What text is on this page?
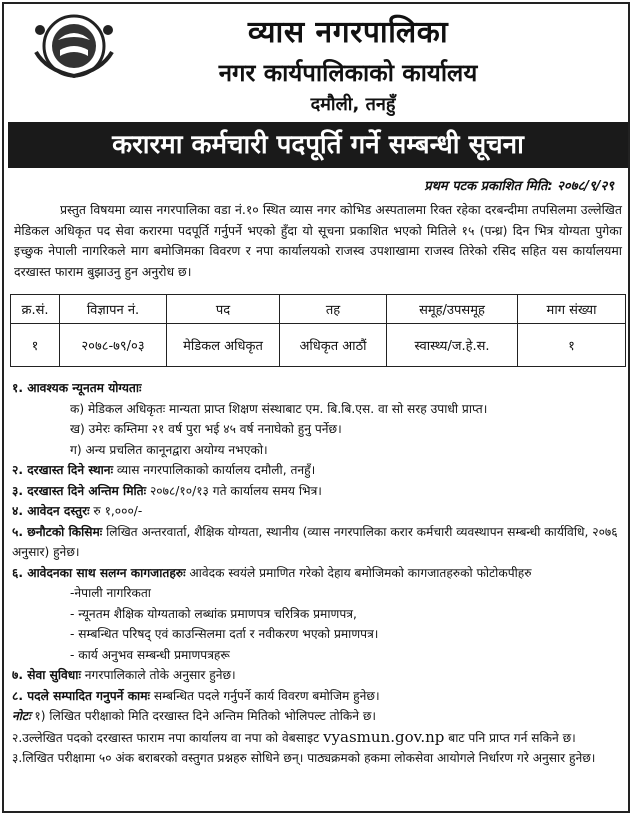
व्यास नगरपालिका
नगर कार्यपालिकाको कार्यालय
दमौली, तनहुँ
करारमा कर्मचारी पदपूर्ति गर्ने सम्बन्धी सूचना
प्रथम पटक प्रकाशित मिति: २०७८/९/२९
प्रस्तुत विषयमा व्यास नगरपालिका वडा नं.१० स्थित व्यास नगर कोभिड अस्पतालमा रिक्त रहेका दरबन्दीमा तपसिलमा उल्लेखित मेडिकल अधिकृत पद सेवा करारमा पदपूर्ति गर्नुपर्ने भएको हुँदा यो सूचना प्रकाशित भएको मितिले १५ (पन्ध्र) दिन भित्र योग्यता पुगेका इच्छुक नेपाली नागरिकले माग बमोजिमका विवरण र नपा कार्यालयको राजस्व उपशाखामा राजस्व तिरेको रसिद सहित यस कार्यालयमा दरखास्त फाराम बुझाउनु हुन अनुरोध छ।
क्र.सं.	विज्ञापन नं.	पद	तह	समूह/उपसमूह	माग संख्या
१	२०७८-७९/०३	मेडिकल अधिकृत	अधिकृत आठौं	स्वास्थ्य/ज.हे.स.	१
१. आवश्यक न्यूनतम योग्यताः
क) मेडिकल अधिकृतः मान्यता प्राप्त शिक्षण संस्थाबाट एम. बि.बि.एस. वा सो सरह उपाधी प्राप्त।
ख) उमेरः कम्तिमा २१ वर्ष पुरा भई ४५ वर्ष ननाघेको हुनु पर्नेछ।
ग) अन्य प्रचलित कानूनद्वारा अयोग्य नभएको।
२. दरखास्त दिने स्थानः व्यास नगरपालिकाको कार्यालय दमौली, तनहुँ।
३. दरखास्त दिने अन्तिम मितिः २०७८/१०/१३ गते कार्यालय समय भित्र।
४. आवेदन दस्तुरः रु १,०००/-
५. छनौटको किसिमः लिखित अन्तरवार्ता, शैक्षिक योग्यता, स्थानीय (व्यास नगरपालिका करार कर्मचारी व्यवस्थापन सम्बन्धी कार्यविधि, २०७६ अनुसार) हुनेछ।
६. आवेदनका साथ सलग्न कागजातहरुः आवेदक स्वयंले प्रमाणित गरेको देहाय बमोजिमको कागजातहरुको फोटोकपीहरु
-नेपाली नागरिकता
- न्यूनतम शैक्षिक योग्यताको लब्धांक प्रमाणपत्र चरित्रिक प्रमाणपत्र,
- सम्बन्धित परिषद् एवं काउन्सिलमा दर्ता र नवीकरण भएको प्रमाणपत्र।
- कार्य अनुभव सम्बन्धी प्रमाणपत्रहरू
७. सेवा सुविधाः नगरपालिकाले तोके अनुसार हुनेछ।
८. पदले सम्पादित गनुपर्ने कामः सम्बन्धित पदले गर्नुपर्ने कार्य विवरण बमोजिम हुनेछ।
नोटः १) लिखित परीक्षाको मिति दरखास्त दिने अन्तिम मितिको भोलिपल्ट तोकिने छ।
२.उल्लेखित पदको दरखास्त फाराम नपा कार्यालय वा नपा को वेबसाइट vyasmun.gov.np बाट पनि प्राप्त गर्न सकिने छ।
३.लिखित परीक्षामा ५० अंक बराबरको वस्तुगत प्रश्नहरु सोधिने छन्। पाठ्यक्रमको हकमा लोकसेवा आयोगले निर्धारण गरे अनुसार हुनेछ।
